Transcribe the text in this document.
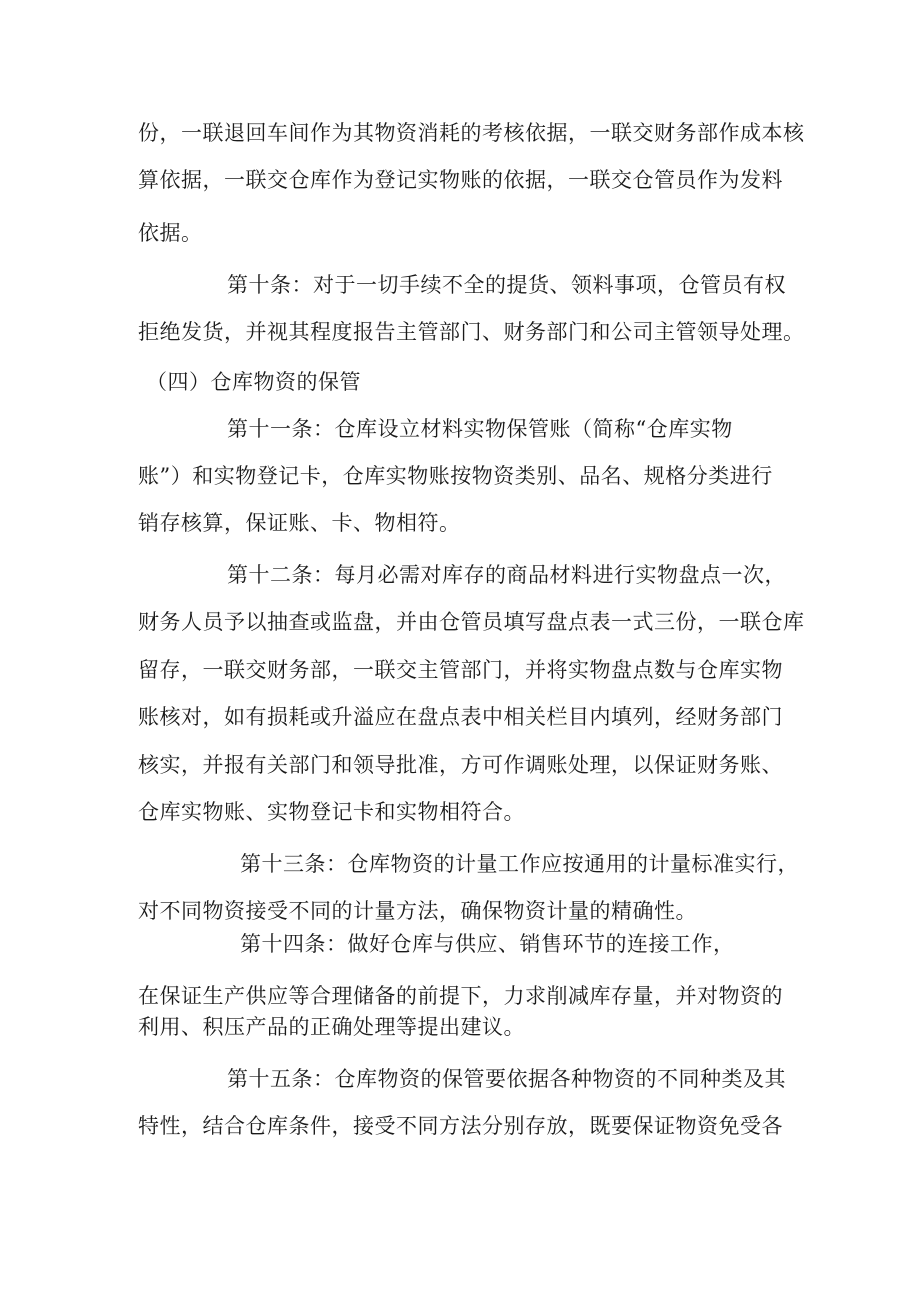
份，一联退回车间作为其物资消耗的考核依据，一联交财务部作成本核
算依据，一联交仓库作为登记实物账的依据，一联交仓管员作为发料
依据。
第十条：对于一切手续不全的提货、领料事项，仓管员有权
拒绝发货，并视其程度报告主管部门、财务部门和公司主管领导处理。
（四）仓库物资的保管
第十一条：仓库设立材料实物保管账（简称“仓库实物
账”）和实物登记卡，仓库实物账按物资类别、品名、规格分类进行
销存核算，保证账、卡、物相符。
第十二条：每月必需对库存的商品材料进行实物盘点一次，
财务人员予以抽查或监盘，并由仓管员填写盘点表一式三份，一联仓库
留存，一联交财务部，一联交主管部门，并将实物盘点数与仓库实物
账核对，如有损耗或升溢应在盘点表中相关栏目内填列，经财务部门
核实，并报有关部门和领导批准，方可作调账处理，以保证财务账、
仓库实物账、实物登记卡和实物相符合。
第十三条：仓库物资的计量工作应按通用的计量标准实行，
对不同物资接受不同的计量方法，确保物资计量的精确性。
第十四条：做好仓库与供应、销售环节的连接工作，
在保证生产供应等合理储备的前提下，力求削减库存量，并对物资的
利用、积压产品的正确处理等提出建议。
第十五条：仓库物资的保管要依据各种物资的不同种类及其
特性，结合仓库条件，接受不同方法分别存放，既要保证物资免受各
